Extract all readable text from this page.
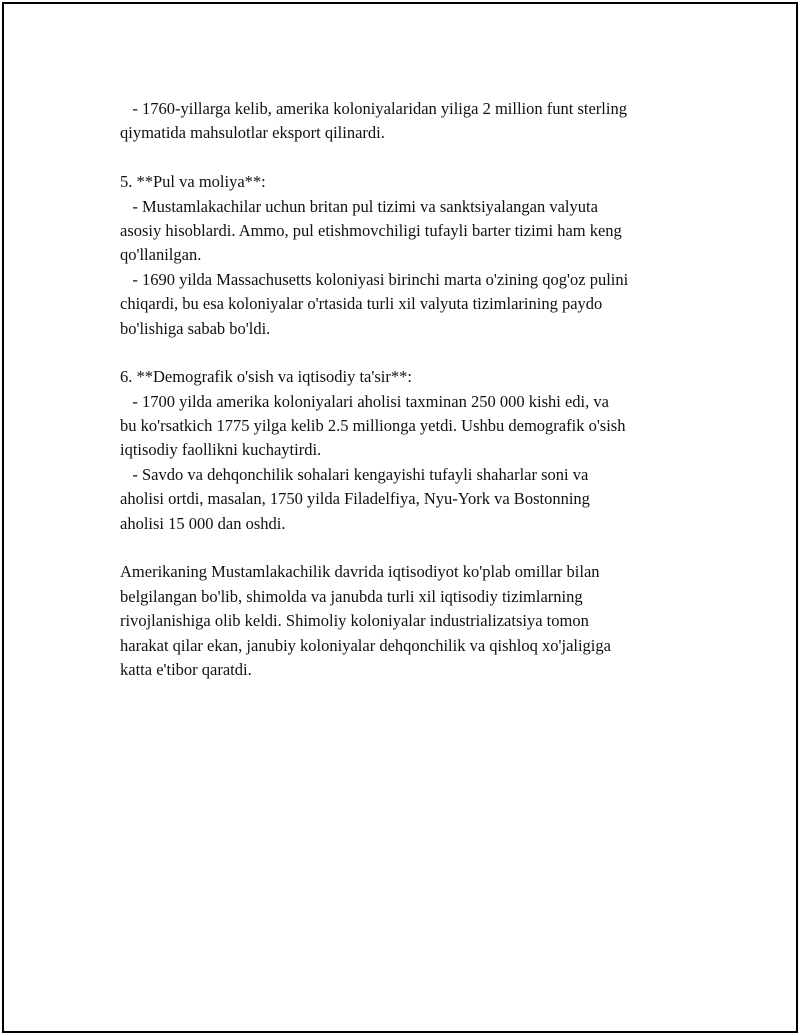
- 1760-yillarga kelib, amerika koloniyalaridan yiliga 2 million funt sterling
qiymatida mahsulotlar eksport qilinardi.
5. **Pul va moliya**:
- Mustamlakachilar uchun britan pul tizimi va sanktsiyalangan valyuta
asosiy hisoblardi. Ammo, pul etishmovchiligi tufayli barter tizimi ham keng
qo'llanilgan.
- 1690 yilda Massachusetts koloniyasi birinchi marta o'zining qog'oz pulini
chiqardi, bu esa koloniyalar o'rtasida turli xil valyuta tizimlarining paydo
bo'lishiga sabab bo'ldi.
6. **Demografik o'sish va iqtisodiy ta'sir**:
- 1700 yilda amerika koloniyalari aholisi taxminan 250 000 kishi edi, va
bu ko'rsatkich 1775 yilga kelib 2.5 millionga yetdi. Ushbu demografik o'sish
iqtisodiy faollikni kuchaytirdi.
- Savdo va dehqonchilik sohalari kengayishi tufayli shaharlar soni va
aholisi ortdi, masalan, 1750 yilda Filadelfiya, Nyu-York va Bostonning
aholisi 15 000 dan oshdi.
Amerikaning Mustamlakachilik davrida iqtisodiyot ko'plab omillar bilan
belgilangan bo'lib, shimolda va janubda turli xil iqtisodiy tizimlarning
rivojlanishiga olib keldi. Shimoliy koloniyalar industrializatsiya tomon
harakat qilar ekan, janubiy koloniyalar dehqonchilik va qishloq xo'jaligiga
katta e'tibor qaratdi.
